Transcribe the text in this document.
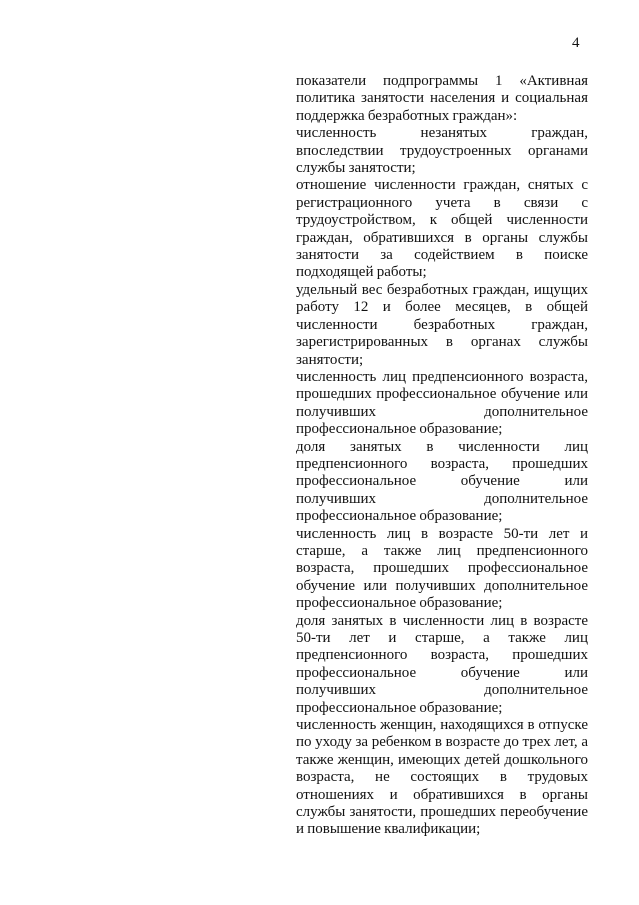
4

показатели подпрограммы 1 «Активная политика занятости населения и социальная поддержка безработных граждан»:

численность незанятых граждан, впоследствии трудоустроенных органами службы занятости;

отношение численности граждан, снятых с регистрационного учета в связи с трудоустройством, к общей численности граждан, обратившихся в органы службы занятости за содействием в поиске подходящей работы;

удельный вес безработных граждан, ищущих работу 12 и более месяцев, в общей численности безработных граждан, зарегистрированных в органах службы занятости;

численность лиц предпенсионного возраста, прошедших профессиональное обучение или получивших дополнительное профессиональное образование;

доля занятых в численности лиц предпенсионного возраста, прошедших профессиональное обучение или получивших дополнительное профессиональное образование;

численность лиц в возрасте 50-ти лет и старше, а также лиц предпенсионного возраста, прошедших профессиональное обучение или получивших дополнительное профессиональное образование;

доля занятых в численности лиц в возрасте 50-ти лет и старше, а также лиц предпенсионного возраста, прошедших профессиональное обучение или получивших дополнительное профессиональное образование;

численность женщин, находящихся в отпуске по уходу за ребенком в возрасте до трех лет, а также женщин, имеющих детей дошкольного возраста, не состоящих в трудовых отношениях и обратившихся в органы службы занятости, прошедших переобучение и повышение квалификации;
